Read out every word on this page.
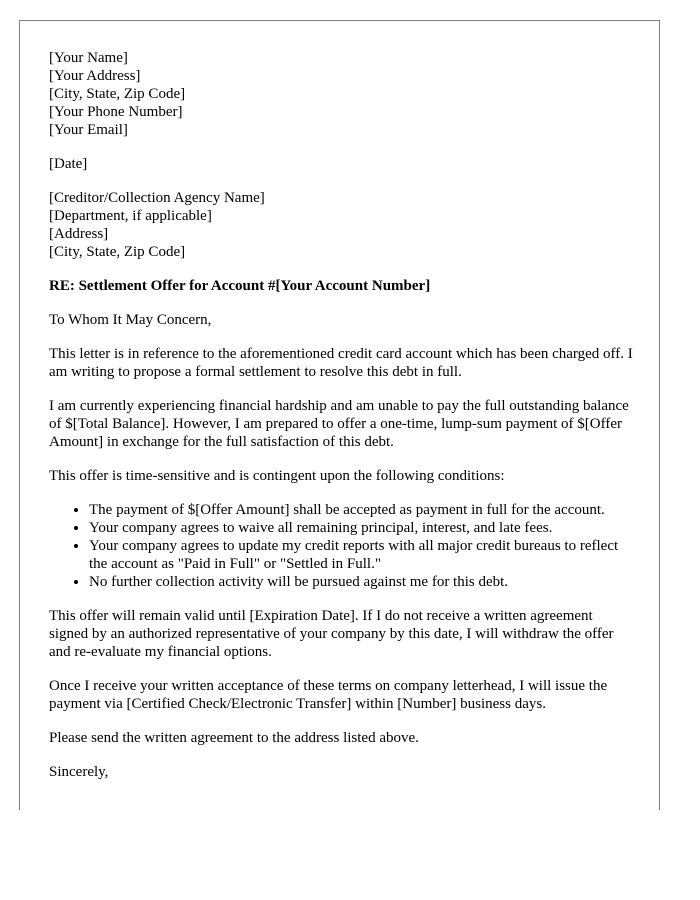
[Your Name]
[Your Address]
[City, State, Zip Code]
[Your Phone Number]
[Your Email]
[Date]
[Creditor/Collection Agency Name]
[Department, if applicable]
[Address]
[City, State, Zip Code]
RE: Settlement Offer for Account #[Your Account Number]

To Whom It May Concern,

This letter is in reference to the aforementioned credit card account which has been charged off. I am writing to propose a formal settlement to resolve this debt in full.

I am currently experiencing financial hardship and am unable to pay the full outstanding balance of $[Total Balance]. However, I am prepared to offer a one-time, lump-sum payment of $[Offer Amount] in exchange for the full satisfaction of this debt.

This offer is time-sensitive and is contingent upon the following conditions:

• The payment of $[Offer Amount] shall be accepted as payment in full for the account.
• Your company agrees to waive all remaining principal, interest, and late fees.
• Your company agrees to update my credit reports with all major credit bureaus to reflect the account as "Paid in Full" or "Settled in Full."
• No further collection activity will be pursued against me for this debt.

This offer will remain valid until [Expiration Date]. If I do not receive a written agreement signed by an authorized representative of your company by this date, I will withdraw the offer and re-evaluate my financial options.

Once I receive your written acceptance of these terms on company letterhead, I will issue the payment via [Certified Check/Electronic Transfer] within [Number] business days.

Please send the written agreement to the address listed above.

Sincerely,
